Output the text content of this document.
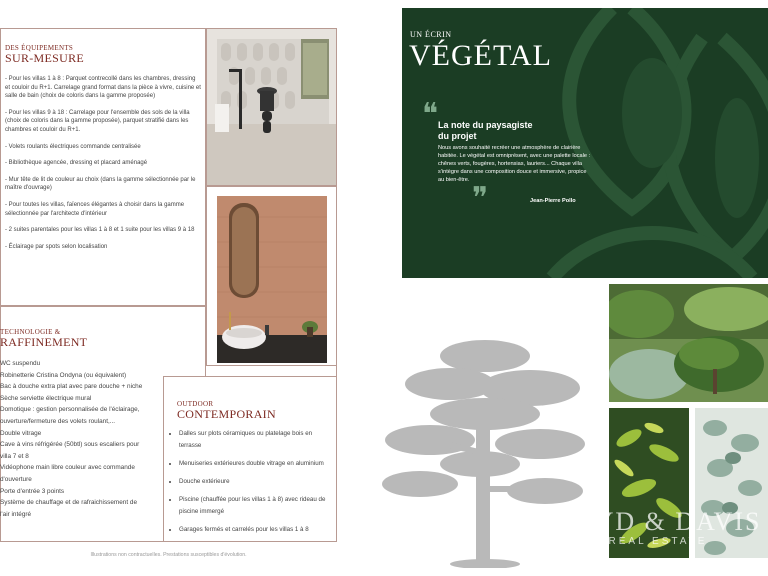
DES ÉQUIPEMENTS
SUR-MESURE

- Pour les villas 1 à 8 : Parquet contrecollé dans les chambres, dressing et couloir du R+1. Carrelage grand format dans la pièce à vivre, cuisine et salle de bain (choix de coloris dans la gamme proposée)

- Pour les villas 9 à 18 : Carrelage pour l'ensemble des sols de la villa (choix de coloris dans la gamme proposée), parquet stratifié dans les chambres et couloir du R+1.

- Volets roulants électriques commande centralisée

- Bibliothèque agencée, dressing et placard aménagé

- Mur tête de lit de couleur au choix (dans la gamme sélectionnée par le maître d'ouvrage)

- Pour toutes les villas, faïences élégantes à choisir dans la gamme sélectionnée par l'architecte d'intérieur

- 2 suites parentales pour les villas 1 à 8 et 1 suite pour les villas 9 à 18

- Éclairage par spots selon localisation

TECHNOLOGIE &
RAFFINEMENT
WC suspendu
Robinetterie Cristina Ondyna (ou équivalent)
Bac à douche extra plat avec pare douche + niche
Sèche serviette électrique mural
Domotique : gestion personnalisée de l'éclairage,
ouverture/fermeture des volets roulant,...
Double vitrage
Cave à vins réfrigérée (50btl) sous escaliers pour
villa 7 et 8
Vidéophone main libre couleur avec commande
d'ouverture
Porte d'entrée 3 points
Système de chauffage et de rafraichissement de
l'air intégré
OUTDOOR
CONTEMPORAIN
• Dalles sur plots céramiques ou platelage bois en terrasse
• Menuiseries extérieures double vitrage en aluminium
• Douche extérieure
• Piscine (chauffée pour les villas 1 à 8) avec rideau de piscine immergé
• Garages fermés et carrelés pour les villas 1 à 8
Illustrations non contractuelles. Prestations susceptibles d'évolution.
UN ÉCRIN
VÉGÉTAL
❝ La note du paysagiste
du projet
Nous avons souhaité recréer une atmosphère de clairière habitée. Le végétal est omniprésent, avec une palette locale : chênes verts, fougères, hortensias, lauriers... Chaque villa s'intègre dans une composition douce et immersive, propice au bien-être.
❞	Jean-Pierre Pollo
BOYD & DAVIS
REAL ESTATE
